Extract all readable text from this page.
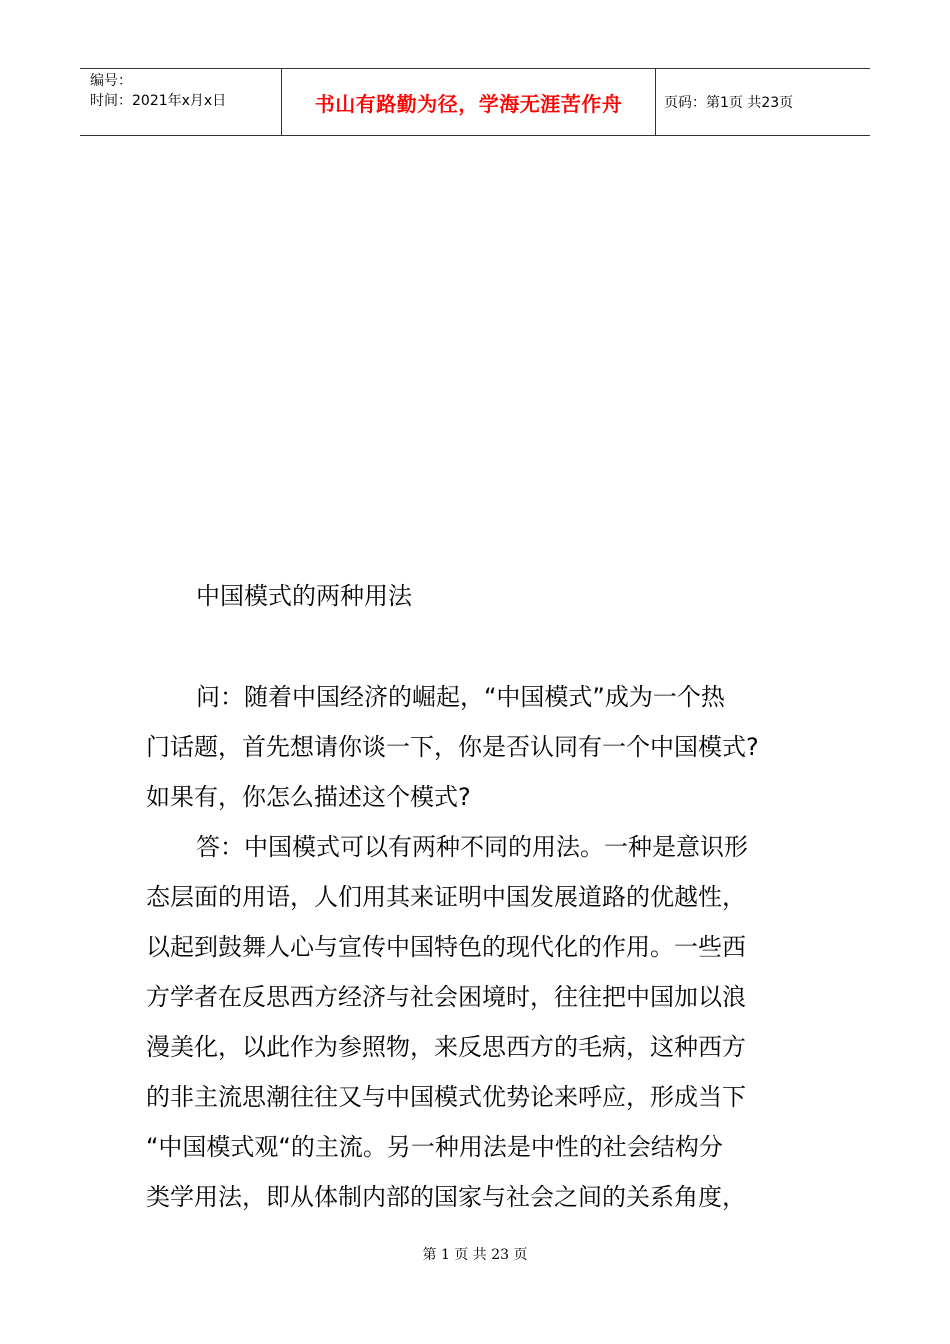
编号：
时间：2021年x月x日	书山有路勤为径，学海无涯苦作舟	页码：第1页 共23页
中国模式的两种用法
问：随着中国经济的崛起，“中国模式”成为一个热
门话题，首先想请你谈一下，你是否认同有一个中国模式?
如果有，你怎么描述这个模式?
答：中国模式可以有两种不同的用法。一种是意识形
态层面的用语，人们用其来证明中国发展道路的优越性，
以起到鼓舞人心与宣传中国特色的现代化的作用。一些西
方学者在反思西方经济与社会困境时，往往把中国加以浪
漫美化，以此作为参照物，来反思西方的毛病，这种西方
的非主流思潮往往又与中国模式优势论来呼应，形成当下
“中国模式观“的主流。另一种用法是中性的社会结构分
类学用法，即从体制内部的国家与社会之间的关系角度，
第 1 页 共 23 页
